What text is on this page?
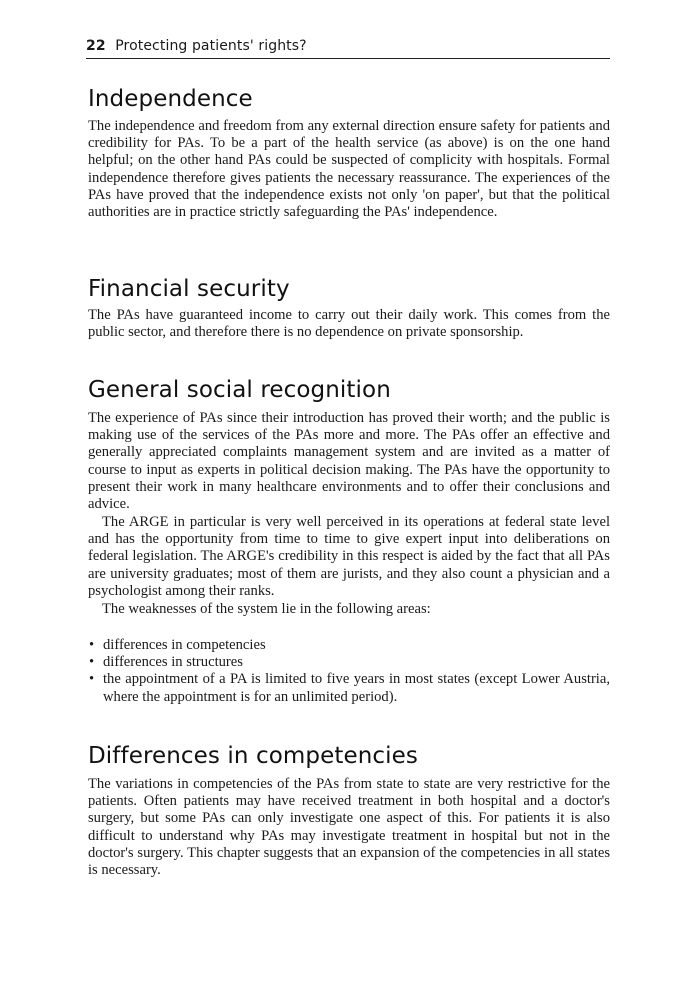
22 Protecting patients' rights?
Independence

The independence and freedom from any external direction ensure safety for patients and credibility for PAs. To be a part of the health service (as above) is on the one hand helpful; on the other hand PAs could be suspected of complicity with hospitals. Formal independence therefore gives patients the necessary reassurance. The experiences of the PAs have proved that the independence exists not only 'on paper', but that the political authorities are in practice strictly safeguarding the PAs' independence.

Financial security

The PAs have guaranteed income to carry out their daily work. This comes from the public sector, and therefore there is no dependence on private sponsorship.

General social recognition

The experience of PAs since their introduction has proved their worth; and the public is making use of the services of the PAs more and more. The PAs offer an effective and generally appreciated complaints management system and are invited as a matter of course to input as experts in political decision making. The PAs have the opportunity to present their work in many healthcare environments and to offer their conclusions and advice.

The ARGE in particular is very well perceived in its operations at federal state level and has the opportunity from time to time to give expert input into deliberations on federal legislation. The ARGE's credibility in this respect is aided by the fact that all PAs are university graduates; most of them are jurists, and they also count a physician and a psychologist among their ranks.

The weaknesses of the system lie in the following areas:

• differences in competencies
• differences in structures
• the appointment of a PA is limited to five years in most states (except Lower Austria, where the appointment is for an unlimited period).
Differences in competencies

The variations in competencies of the PAs from state to state are very restrictive for the patients. Often patients may have received treatment in both hospital and a doctor's surgery, but some PAs can only investigate one aspect of this. For patients it is also difficult to understand why PAs may investigate treatment in hospital but not in the doctor's surgery. This chapter suggests that an expansion of the competencies in all states is necessary.
